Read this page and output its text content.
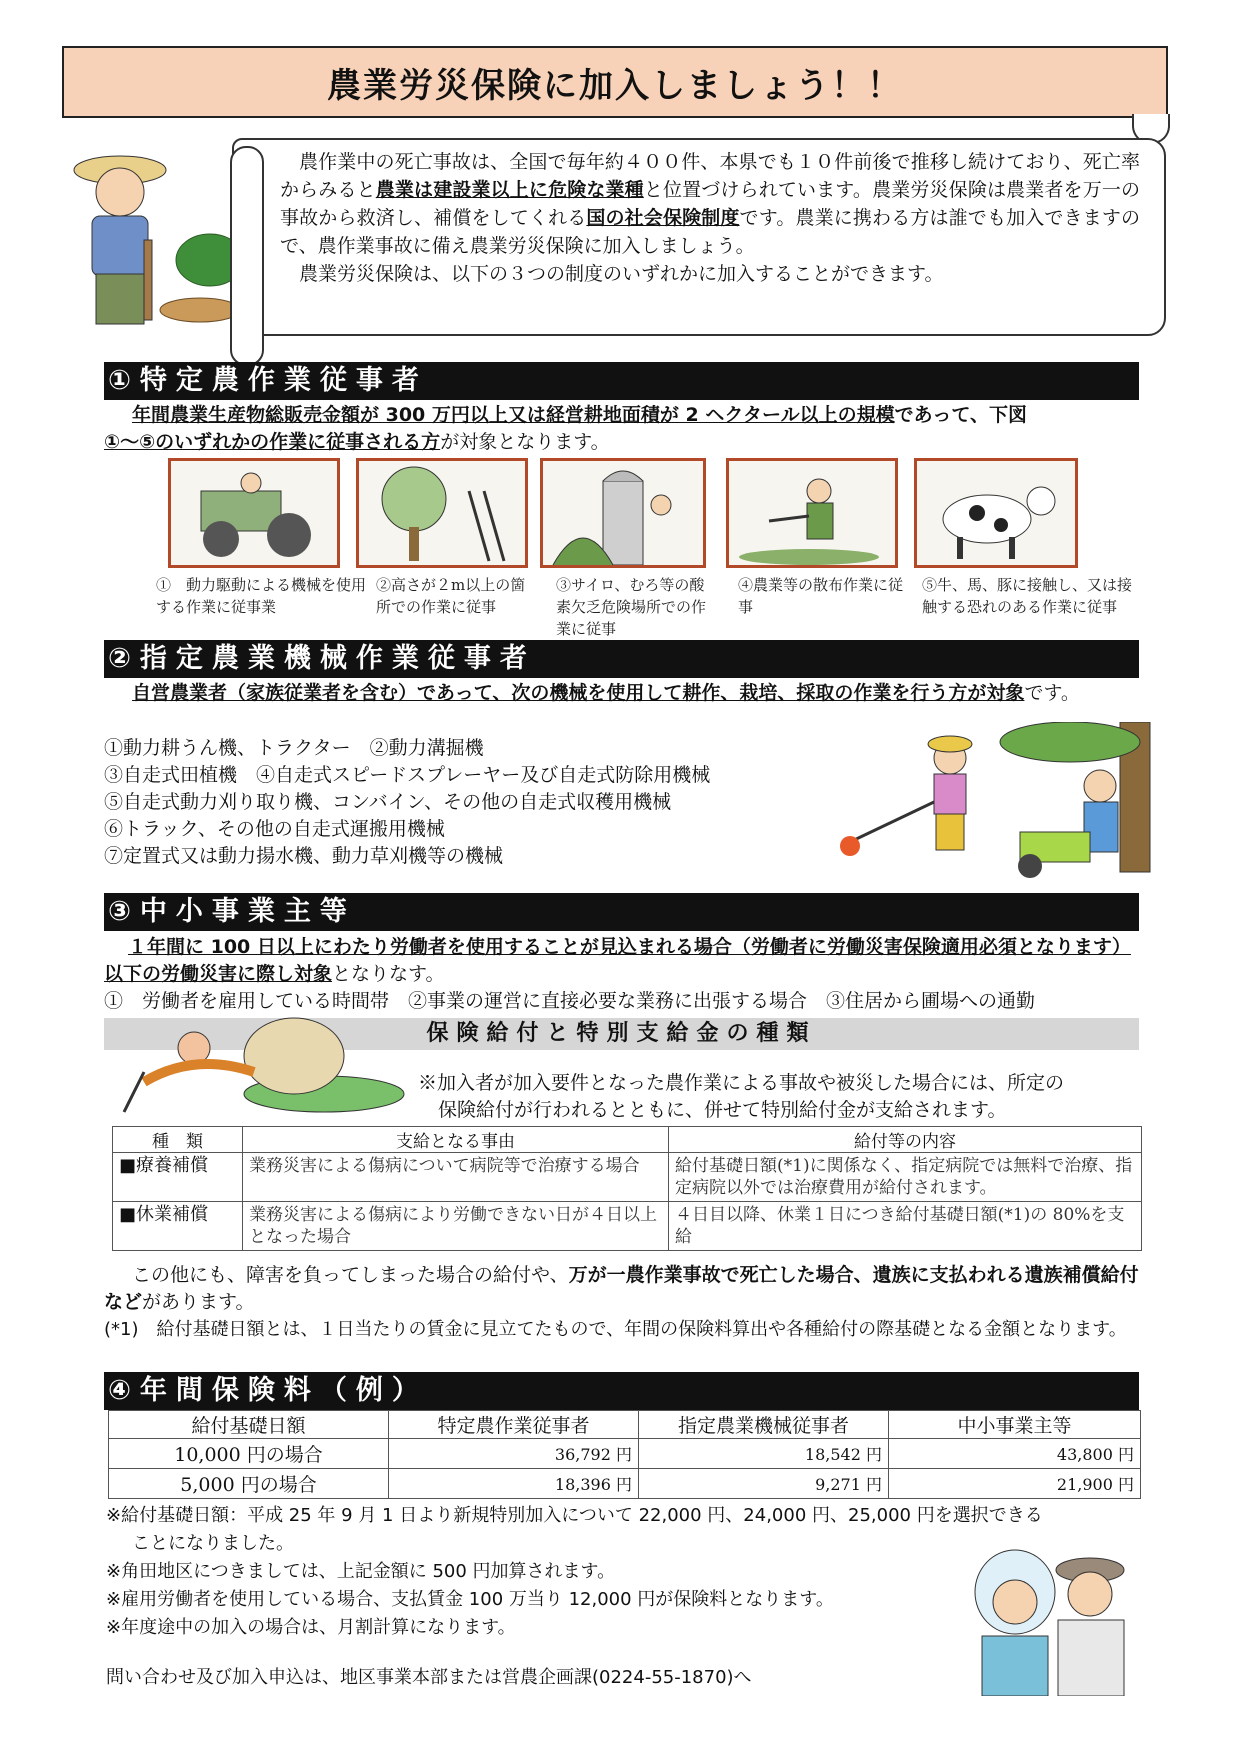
農業労災保険に加入しましょう！！

農作業中の死亡事故は、全国で毎年約４００件、本県でも１０件前後で推移し続けており、死亡率からみると農業は建設業以上に危険な業種と位置づけられています。農業労災保険は農業者を万一の事故から救済し、補償をしてくれる国の社会保険制度です。農業に携わる方は誰でも加入できますので、農作業事故に備え農業労災保険に加入しましょう。

農業労災保険は、以下の３つの制度のいずれかに加入することができます。

①特定農作業従事者
年間農業生産物総販売金額が 300 万円以上又は経営耕地面積が 2 ヘクタール以上の規模であって、下図
①～⑤のいずれかの作業に従事される方が対象となります。
①　動力駆動による機械を使用する作業に従事業
②高さが２m以上の箇所での作業に従事
③サイロ、むろ等の酸素欠乏危険場所での作業に従事
④農業等の散布作業に従事
⑤牛、馬、豚に接触し、又は接触する恐れのある作業に従事
②指定農業機械作業従事者
自営農業者（家族従業者を含む）であって、次の機械を使用して耕作、栽培、採取の作業を行う方が対象です。
①動力耕うん機、トラクター　②動力溝掘機
③自走式田植機　④自走式スピードスプレーヤー及び自走式防除用機械
⑤自走式動力刈り取り機、コンバイン、その他の自走式収穫用機械
⑥トラック、その他の自走式運搬用機械
⑦定置式又は動力揚水機、動力草刈機等の機械
③中小事業主等
１年間に 100 日以上にわたり労働者を使用することが見込まれる場合（労働者に労働災害保険適用必須となります）以下の労働災害に際し対象となりなす。
①　労働者を雇用している時間帯　②事業の運営に直接必要な業務に出張する場合　③住居から圃場への通勤
保険給付と特別支給金の種類
※加入者が加入要件となった農作業による事故や被災した場合には、所定の
保険給付が行われるとともに、併せて特別給付金が支給されます。
種　類	支給となる事由	給付等の内容
■療養補償	業務災害による傷病について病院等で治療する場合	給付基礎日額(*1)に関係なく、指定病院では無料で治療、指定病院以外では治療費用が給付されます。
■休業補償	業務災害による傷病により労働できない日が４日以上となった場合	４日目以降、休業１日につき給付基礎日額(*1)の 80%を支給
この他にも、障害を負ってしまった場合の給付や、万が一農作業事故で死亡した場合、遺族に支払われる遺族補償給付などがあります。
(*1)　給付基礎日額とは、１日当たりの賃金に見立てたもので、年間の保険料算出や各種給付の際基礎となる金額となります。
④年間保険料（例）
給付基礎日額	特定農作業従事者	指定農業機械従事者	中小事業主等
10,000 円の場合	36,792 円	18,542 円	43,800 円
5,000 円の場合	18,396 円	9,271 円	21,900 円
※給付基礎日額：平成 25 年 9 月 1 日より新規特別加入について 22,000 円、24,000 円、25,000 円を選択できる
ことになりました。
※角田地区につきましては、上記金額に 500 円加算されます。
※雇用労働者を使用している場合、支払賃金 100 万当り 12,000 円が保険料となります。
※年度途中の加入の場合は、月割計算になります。
問い合わせ及び加入申込は、地区事業本部または営農企画課(0224-55-1870)へ
